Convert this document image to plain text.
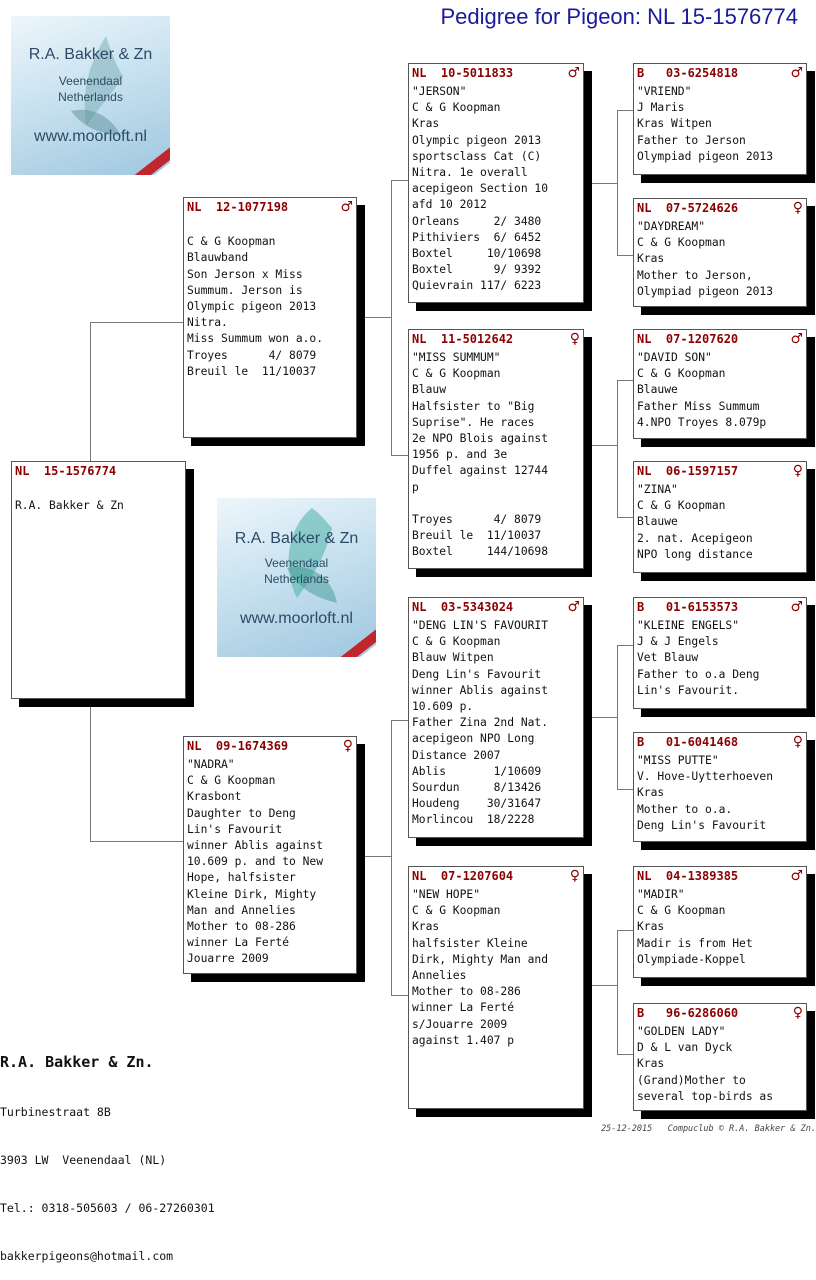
Pedigree for Pigeon: NL 15-1576774
R.A. Bakker & Zn
Veenendaal
Netherlands
www.moorloft.nl
R.A. Bakker & Zn
Veenendaal
Netherlands
www.moorloft.nl
NL  15-1576774
R.A. Bakker & Zn
NL  12-1077198	♂
C & G Koopman
Blauwband
Son Jerson x Miss
Summum. Jerson is
Olympic pigeon 2013
Nitra.
Miss Summum won a.o.
Troyes      4/ 8079
Breuil le  11/10037
NL  09-1674369	♀
"NADRA"
C & G Koopman
Krasbont
Daughter to Deng
Lin's Favourit
winner Ablis against
10.609 p. and to New
Hope, halfsister
Kleine Dirk, Mighty
Man and Annelies
Mother to 08-286
winner La Ferté
Jouarre 2009
NL  10-5011833	♂
"JERSON"
C & G Koopman
Kras
Olympic pigeon 2013
sportsclass Cat (C)
Nitra. 1e overall
acepigeon Section 10
afd 10 2012
Orleans     2/ 3480
Pithiviers  6/ 6452
Boxtel     10/10698
Boxtel      9/ 9392
Quievrain 117/ 6223
NL  11-5012642	♀
"MISS SUMMUM"
C & G Koopman
Blauw
Halfsister to "Big
Suprise". He races
2e NPO Blois against
1956 p. and 3e
Duffel against 12744
p
Troyes      4/ 8079
Breuil le  11/10037
Boxtel     144/10698
NL  03-5343024	♂
"DENG LIN'S FAVOURIT
C & G Koopman
Blauw Witpen
Deng Lin's Favourit
winner Ablis against
10.609 p.
Father Zina 2nd Nat.
acepigeon NPO Long
Distance 2007
Ablis       1/10609
Sourdun     8/13426
Houdeng    30/31647
Morlincou  18/2228
NL  07-1207604	♀
"NEW HOPE"
C & G Koopman
Kras
halfsister Kleine
Dirk, Mighty Man and
Annelies
Mother to 08-286
winner La Ferté
s/Jouarre 2009
against 1.407 p
B   03-6254818	♂
"VRIEND"
J Maris
Kras Witpen
Father to Jerson
Olympiad pigeon 2013
NL  07-5724626	♀
"DAYDREAM"
C & G Koopman
Kras
Mother to Jerson,
Olympiad pigeon 2013
NL  07-1207620	♂
"DAVID SON"
C & G Koopman
Blauwe
Father Miss Summum
4.NPO Troyes 8.079p
NL  06-1597157	♀
"ZINA"
C & G Koopman
Blauwe
2. nat. Acepigeon
NPO long distance
B   01-6153573	♂
"KLEINE ENGELS"
J & J Engels
Vet Blauw
Father to o.a Deng
Lin's Favourit.
B   01-6041468	♀
"MISS PUTTE"
V. Hove-Uytterhoeven
Kras
Mother to o.a.
Deng Lin's Favourit
NL  04-1389385	♂
"MADIR"
C & G Koopman
Kras
Madir is from Het
Olympiade-Koppel
B   96-6286060	♀
"GOLDEN LADY"
D & L van Dyck
Kras
(Grand)Mother to
several top-birds as

R.A. Bakker & Zn.

Turbinestraat 8B

3903 LW  Veenendaal (NL)

Tel.: 0318-505603 / 06-27260301

bakkerpigeons@hotmail.com

25-12-2015   Compuclub © R.A. Bakker & Zn.
